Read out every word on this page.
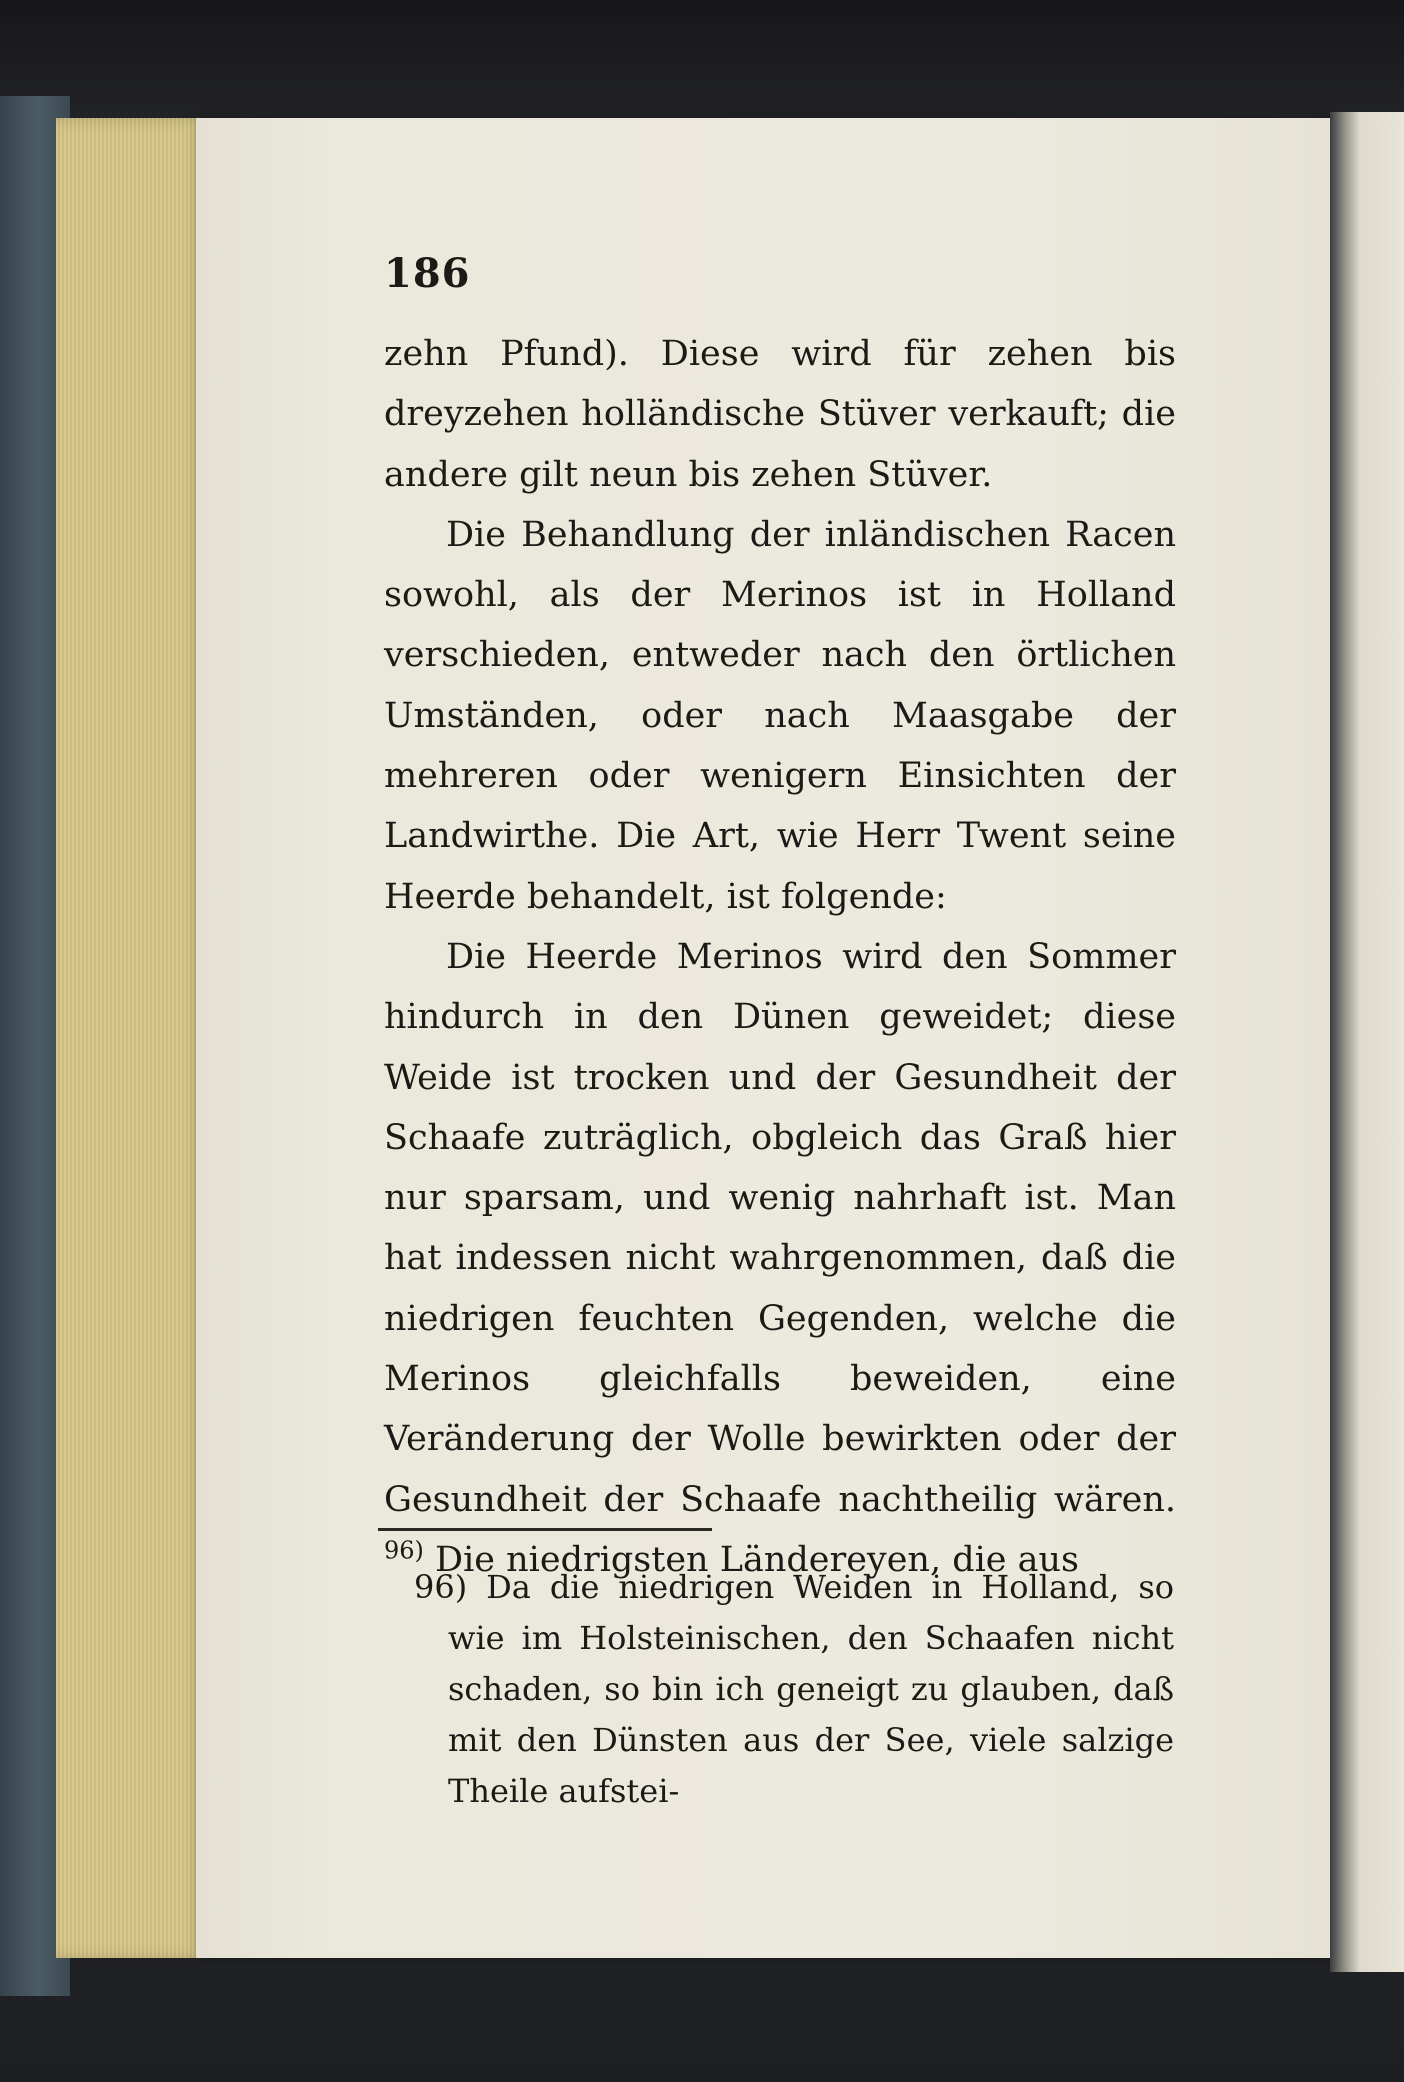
186

zehn Pfund). Diese wird für zehen bis dreyzehen holländische Stüver verkauft; die andere gilt neun bis zehen Stüver.

Die Behandlung der inländischen Racen sowohl, als der Merinos ist in Holland verschieden, entweder nach den örtlichen Umständen, oder nach Maasgabe der mehreren oder wenigern Einsichten der Landwirthe. Die Art, wie Herr Twent seine Heerde behandelt, ist folgende:

Die Heerde Merinos wird den Sommer hindurch in den Dünen geweidet; diese Weide ist trocken und der Gesundheit der Schaafe zuträglich, obgleich das Graß hier nur sparsam, und wenig nahrhaft ist. Man hat indessen nicht wahrgenommen, daß die niedrigen feuchten Gegenden, welche die Merinos gleichfalls beweiden, eine Veränderung der Wolle bewirkten oder der Gesundheit der Schaafe nachtheilig wären. $^{96)}$ Die niedrigsten Ländereyen, die aus

96) Da die niedrigen Weiden in Holland, so wie im Holsteinischen, den Schaafen nicht schaden, so bin ich geneigt zu glauben, daß mit den Dünsten aus der See, viele salzige Theile aufstei-
